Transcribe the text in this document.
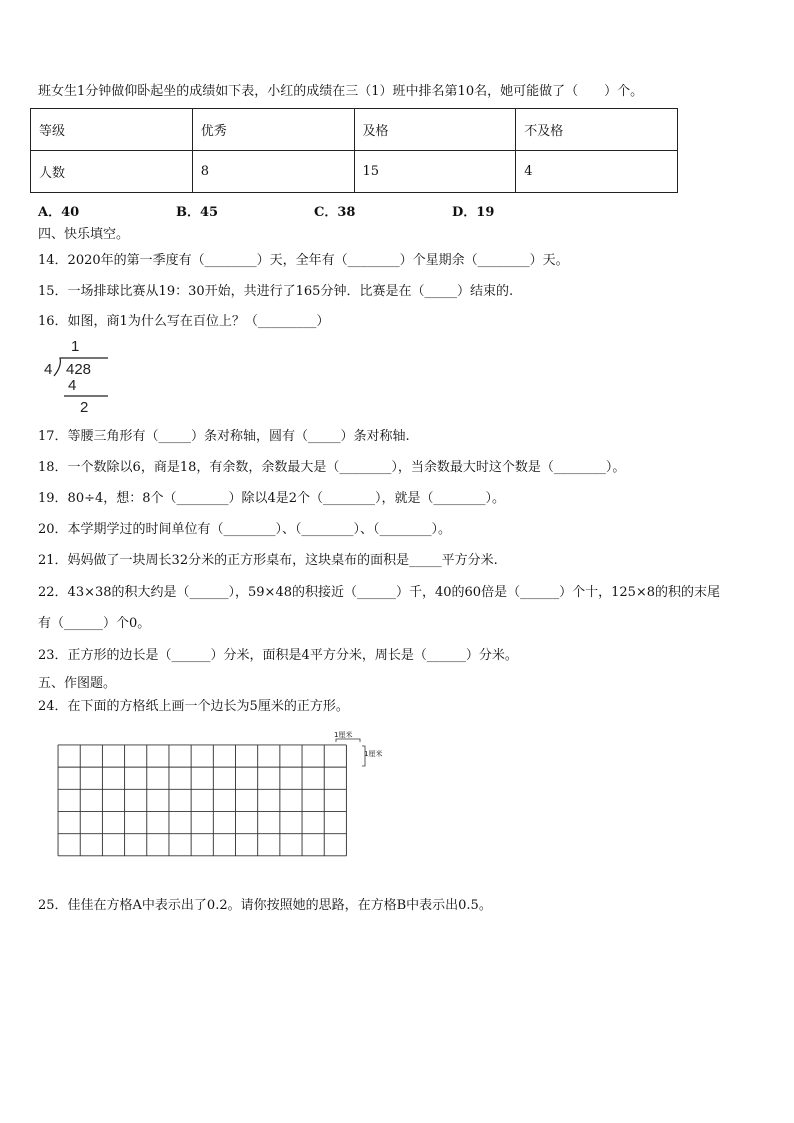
班女生1分钟做仰卧起坐的成绩如下表，小红的成绩在三（1）班中排名第10名，她可能做了（　　）个。
等级	优秀	及格	不及格
人数	8	15	4
A．40	B．45	C．38	D．19
四、快乐填空。
14．2020年的第一季度有（________）天，全年有（________）个星期余（________）天。
15．一场排球比赛从19：30开始，共进行了165分钟．比赛是在（_____）结束的.
16．如图，商1为什么写在百位上？（_________）
1
4 428
4
2
17．等腰三角形有（_____）条对称轴，圆有（_____）条对称轴.
18．一个数除以6，商是18，有余数，余数最大是（________），当余数最大时这个数是（________）。
19．80÷4，想：8个（________）除以4是2个（________），就是（________）。
20．本学期学过的时间单位有（________）、（________）、（________）。
21．妈妈做了一块周长32分米的正方形桌布，这块桌布的面积是_____平方分米.
22．43×38的积大约是（______），59×48的积接近（______）千，40的60倍是（______）个十，125×8的积的末尾
有（______）个0。
23．正方形的边长是（______）分米，面积是4平方分米，周长是（______）分米。
五、作图题。
24．在下面的方格纸上画一个边长为5厘米的正方形。
1厘米
1厘米
25．佳佳在方格A中表示出了0.2。请你按照她的思路，在方格B中表示出0.5。
